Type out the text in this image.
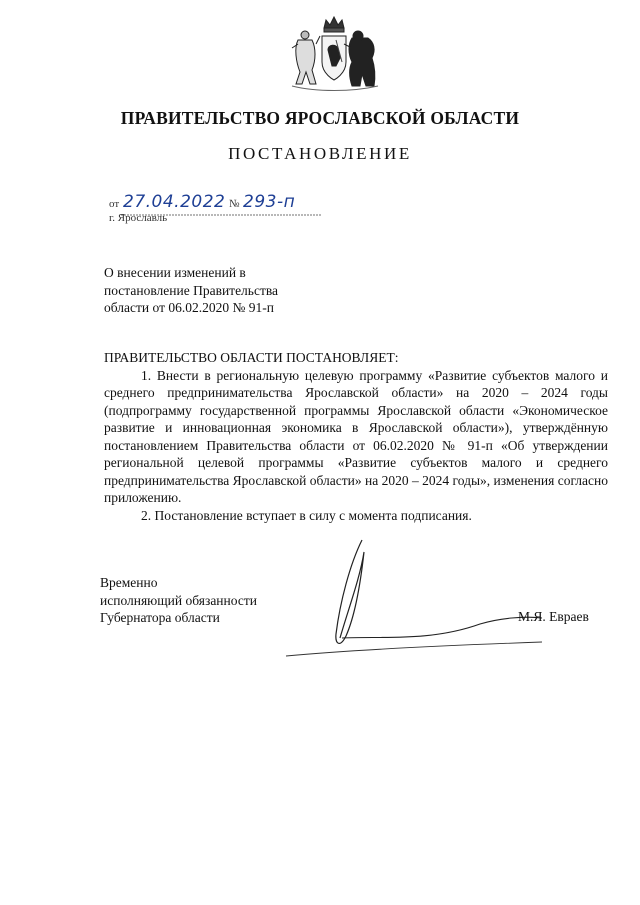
ПРАВИТЕЛЬСТВО ЯРОСЛАВСКОЙ ОБЛАСТИ
ПОСТАНОВЛЕНИЕ
от 27.04.2022 № 293-п
г. Ярославль
О внесении изменений в
постановление Правительства
области от 06.02.2020 № 91-п
ПРАВИТЕЛЬСТВО ОБЛАСТИ ПОСТАНОВЛЯЕТ:

1. Внести в региональную целевую программу «Развитие субъектов малого и среднего предпринимательства Ярославской области» на 2020 – 2024 годы (подпрограмму государственной программы Ярославской области «Экономическое развитие и инновационная экономика в Ярославской области»), утверждённую постановлением Правительства области от 06.02.2020 № 91-п «Об утверждении региональной целевой программы «Развитие субъектов малого и среднего предпринимательства Ярославской области» на 2020 – 2024 годы», изменения согласно приложению.

2. Постановление вступает в силу с момента подписания.

Временно
исполняющий обязанности
Губернатора области	М.Я. Евраев
